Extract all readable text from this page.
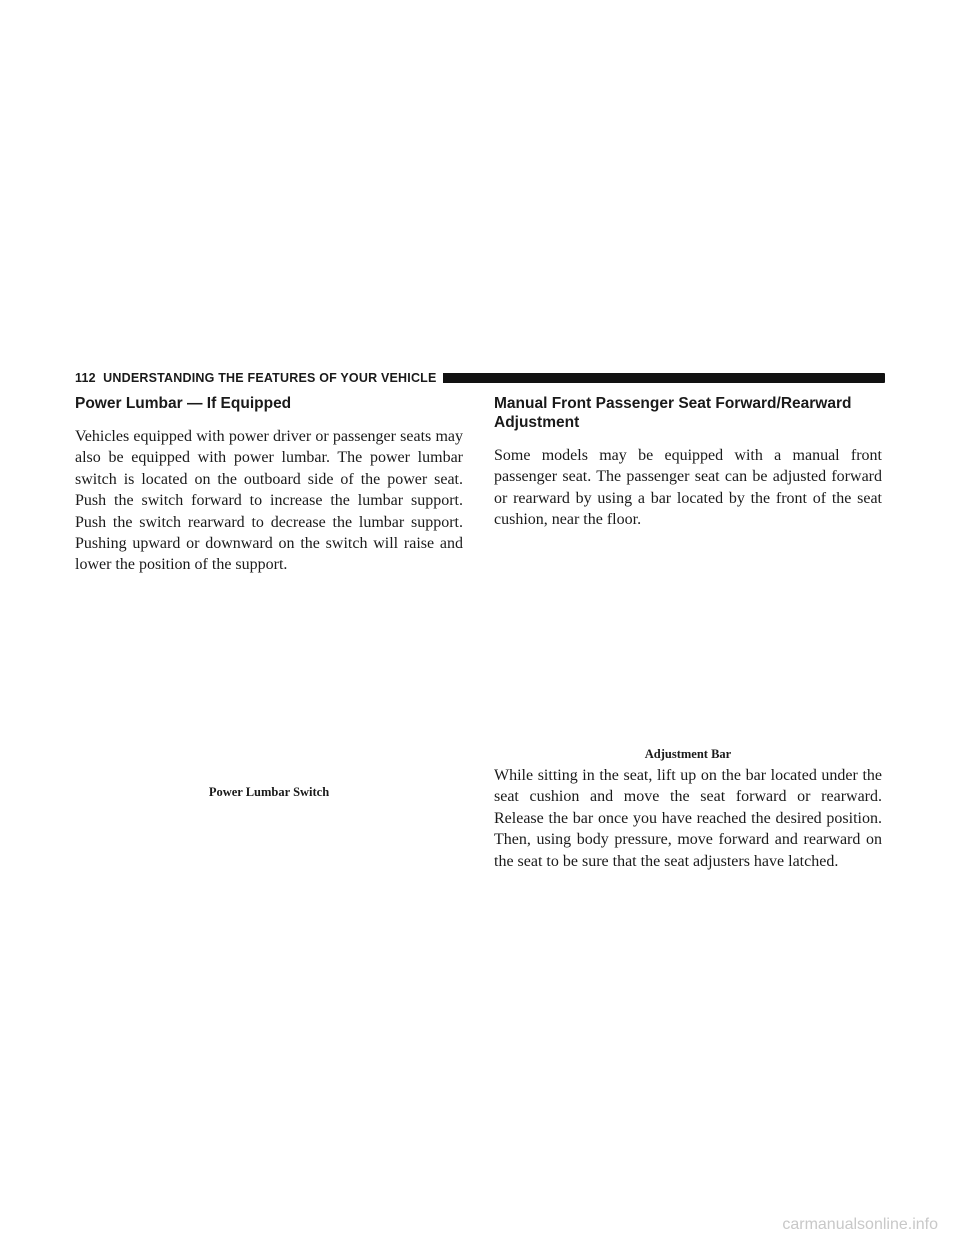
112 UNDERSTANDING THE FEATURES OF YOUR VEHICLE
Power Lumbar — If Equipped

Vehicles equipped with power driver or passenger seats may also be equipped with power lumbar. The power lumbar switch is located on the outboard side of the power seat. Push the switch forward to increase the lumbar support. Push the switch rearward to decrease the lumbar support. Pushing upward or downward on the switch will raise and lower the position of the support.

Power Lumbar Switch
Manual Front Passenger Seat Forward/Rearward Adjustment

Some models may be equipped with a manual front passenger seat. The passenger seat can be adjusted forward or rearward by using a bar located by the front of the seat cushion, near the floor.

Adjustment Bar

While sitting in the seat, lift up on the bar located under the seat cushion and move the seat forward or rearward. Release the bar once you have reached the desired position. Then, using body pressure, move forward and rearward on the seat to be sure that the seat adjusters have latched.

carmanualsonline.info
